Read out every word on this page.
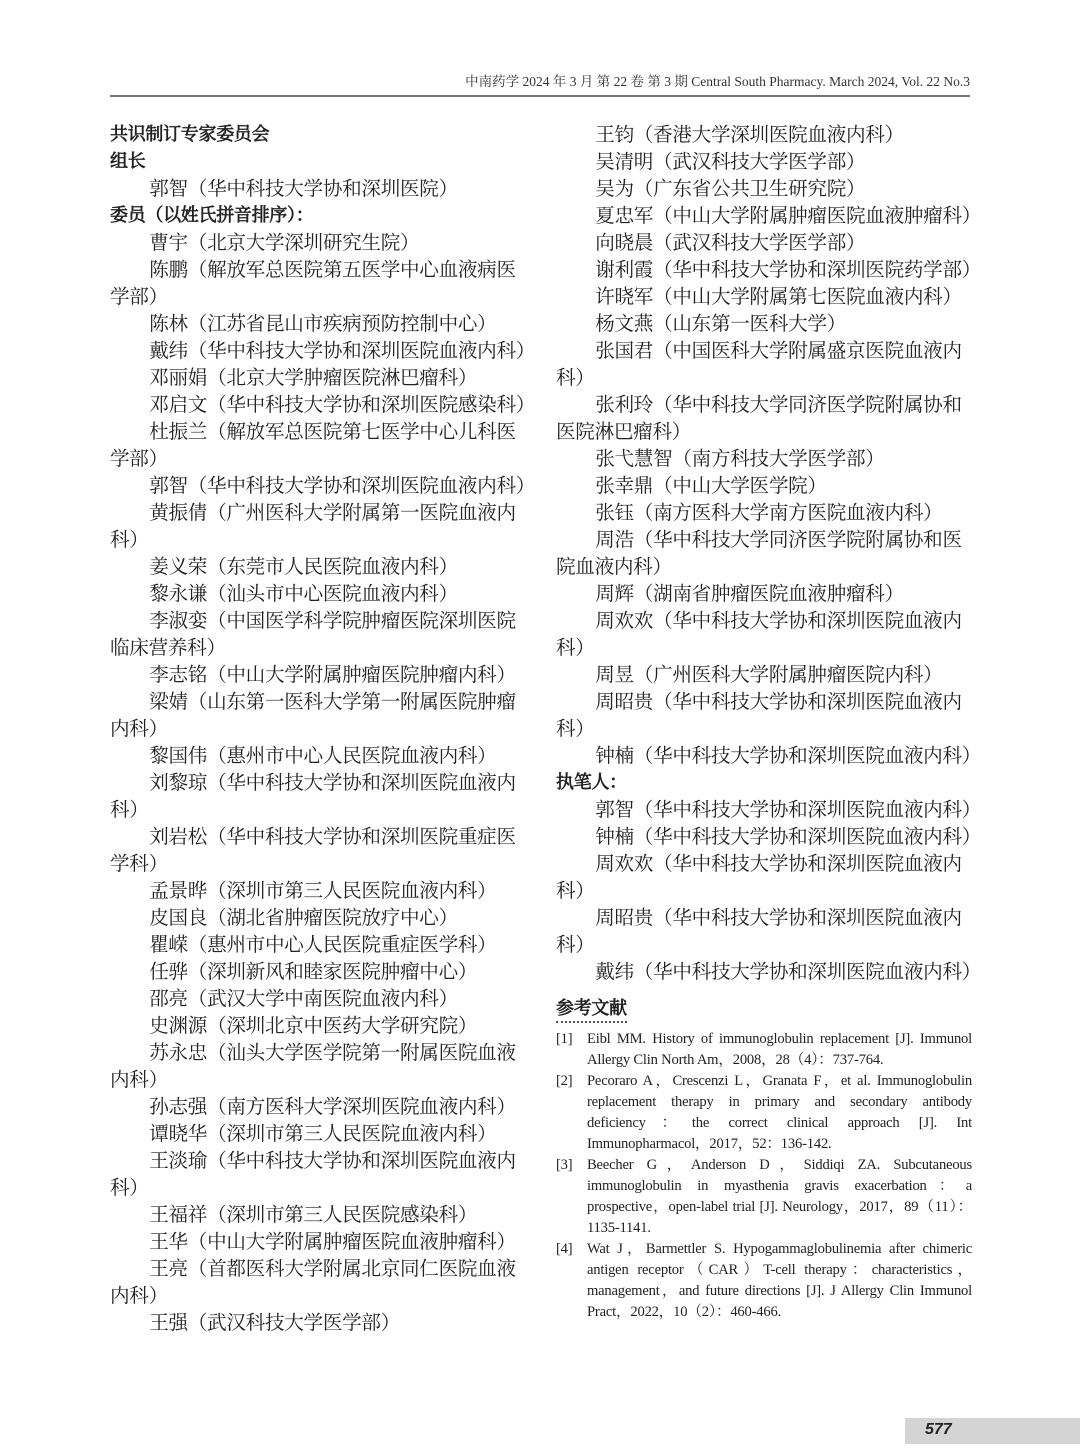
中南药学 2024 年 3 月 第 22 卷 第 3 期 Central South Pharmacy. March 2024, Vol. 22 No.3
共识制订专家委员会
组长
郭智（华中科技大学协和深圳医院）
委员（以姓氏拼音排序）：
曹宇（北京大学深圳研究生院）
陈鹏（解放军总医院第五医学中心血液病医学部）
陈林（江苏省昆山市疾病预防控制中心）
戴纬（华中科技大学协和深圳医院血液内科）
邓丽娟（北京大学肿瘤医院淋巴瘤科）
邓启文（华中科技大学协和深圳医院感染科）
杜振兰（解放军总医院第七医学中心儿科医学部）
郭智（华中科技大学协和深圳医院血液内科）
黄振倩（广州医科大学附属第一医院血液内科）
姜义荣（东莞市人民医院血液内科）
黎永谦（汕头市中心医院血液内科）
李淑娈（中国医学科学院肿瘤医院深圳医院临床营养科）
李志铭（中山大学附属肿瘤医院肿瘤内科）
梁婧（山东第一医科大学第一附属医院肿瘤内科）
黎国伟（惠州市中心人民医院血液内科）
刘黎琼（华中科技大学协和深圳医院血液内科）
刘岩松（华中科技大学协和深圳医院重症医学科）
孟景晔（深圳市第三人民医院血液内科）
皮国良（湖北省肿瘤医院放疗中心）
瞿嵘（惠州市中心人民医院重症医学科）
任骅（深圳新风和睦家医院肿瘤中心）
邵亮（武汉大学中南医院血液内科）
史渊源（深圳北京中医药大学研究院）
苏永忠（汕头大学医学院第一附属医院血液内科）
孙志强（南方医科大学深圳医院血液内科）
谭晓华（深圳市第三人民医院血液内科）
王淡瑜（华中科技大学协和深圳医院血液内科）
王福祥（深圳市第三人民医院感染科）
王华（中山大学附属肿瘤医院血液肿瘤科）
王亮（首都医科大学附属北京同仁医院血液内科）
王强（武汉科技大学医学部）
王钧（香港大学深圳医院血液内科）
吴清明（武汉科技大学医学部）
吴为（广东省公共卫生研究院）
夏忠军（中山大学附属肿瘤医院血液肿瘤科）
向晓晨（武汉科技大学医学部）
谢利霞（华中科技大学协和深圳医院药学部）
许晓军（中山大学附属第七医院血液内科）
杨文燕（山东第一医科大学）
张国君（中国医科大学附属盛京医院血液内科）
张利玲（华中科技大学同济医学院附属协和医院淋巴瘤科）
张弋慧智（南方科技大学医学部）
张幸鼎（中山大学医学院）
张钰（南方医科大学南方医院血液内科）
周浩（华中科技大学同济医学院附属协和医院血液内科）
周辉（湖南省肿瘤医院血液肿瘤科）
周欢欢（华中科技大学协和深圳医院血液内科）
周昱（广州医科大学附属肿瘤医院内科）
周昭贵（华中科技大学协和深圳医院血液内科）
钟楠（华中科技大学协和深圳医院血液内科）
执笔人：
郭智（华中科技大学协和深圳医院血液内科）
钟楠（华中科技大学协和深圳医院血液内科）
周欢欢（华中科技大学协和深圳医院血液内科）
周昭贵（华中科技大学协和深圳医院血液内科）
戴纬（华中科技大学协和深圳医院血液内科）
参考文献
[1] Eibl MM. History of immunoglobulin replacement [J]. Immunol Allergy Clin North Am，2008，28（4）：737-764.
[2] Pecoraro A，Crescenzi L，Granata F，et al. Immunoglobulin replacement therapy in primary and secondary antibody deficiency：the correct clinical approach [J]. Int Immunopharmacol，2017，52：136-142.
[3] Beecher G，Anderson D，Siddiqi ZA. Subcutaneous immunoglobulin in myasthenia gravis exacerbation：a prospective，open-label trial [J]. Neurology，2017，89（11）：1135-1141.
[4] Wat J，Barmettler S. Hypogammaglobulinemia after chimeric antigen receptor（CAR）T-cell therapy：characteristics，management，and future directions [J]. J Allergy Clin Immunol Pract，2022，10（2）：460-466.
577
